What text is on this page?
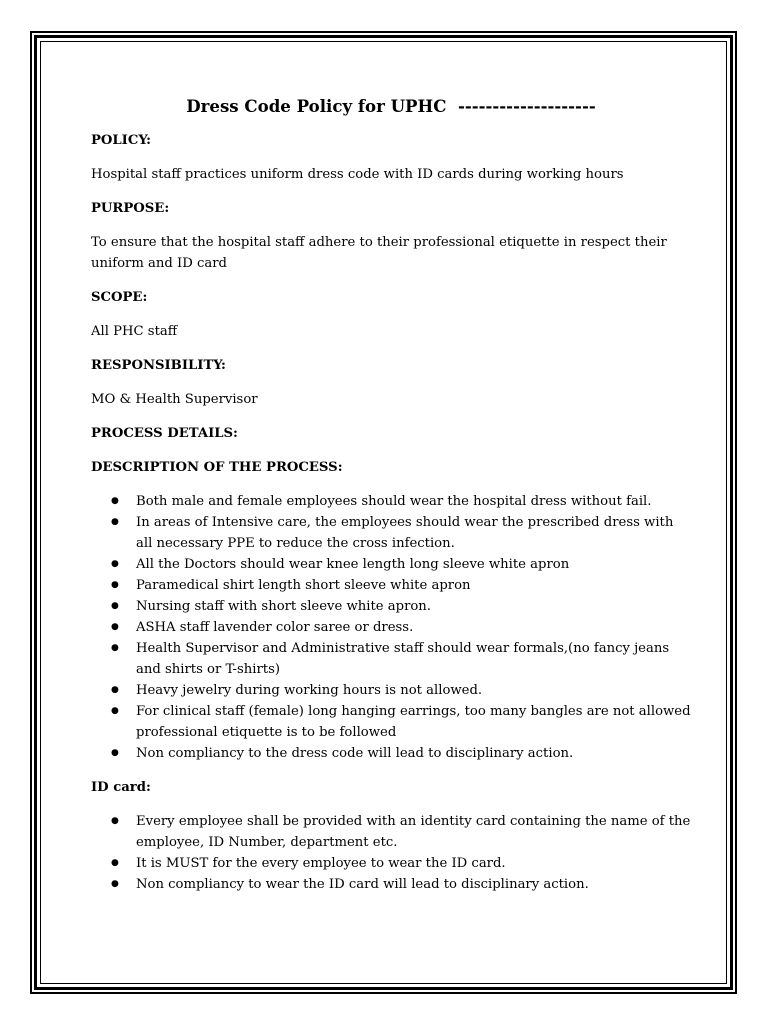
Dress Code Policy for UPHC  --------------------
POLICY:
Hospital staff practices uniform dress code with ID cards during working hours
PURPOSE:
To ensure that the hospital staff adhere to their professional etiquette in respect their uniform and ID card
SCOPE:
All PHC staff
RESPONSIBILITY:
MO & Health Supervisor
PROCESS DETAILS:
DESCRIPTION OF THE PROCESS:
● Both male and female employees should wear the hospital dress without fail.
● In areas of Intensive care, the employees should wear the prescribed dress with all necessary PPE to reduce the cross infection.
● All the Doctors should wear knee length long sleeve white apron
● Paramedical shirt length short sleeve white apron
● Nursing staff with short sleeve white apron.
● ASHA staff lavender color saree or dress.
● Health Supervisor and Administrative staff should wear formals,(no fancy jeans and shirts or T-shirts)
● Heavy jewelry during working hours is not allowed.
● For clinical staff (female) long hanging earrings, too many bangles are not allowed professional etiquette is to be followed
● Non compliancy to the dress code will lead to disciplinary action.
ID card:
● Every employee shall be provided with an identity card containing the name of the employee, ID Number, department etc.
● It is MUST for the every employee to wear the ID card.
● Non compliancy to wear the ID card will lead to disciplinary action.
